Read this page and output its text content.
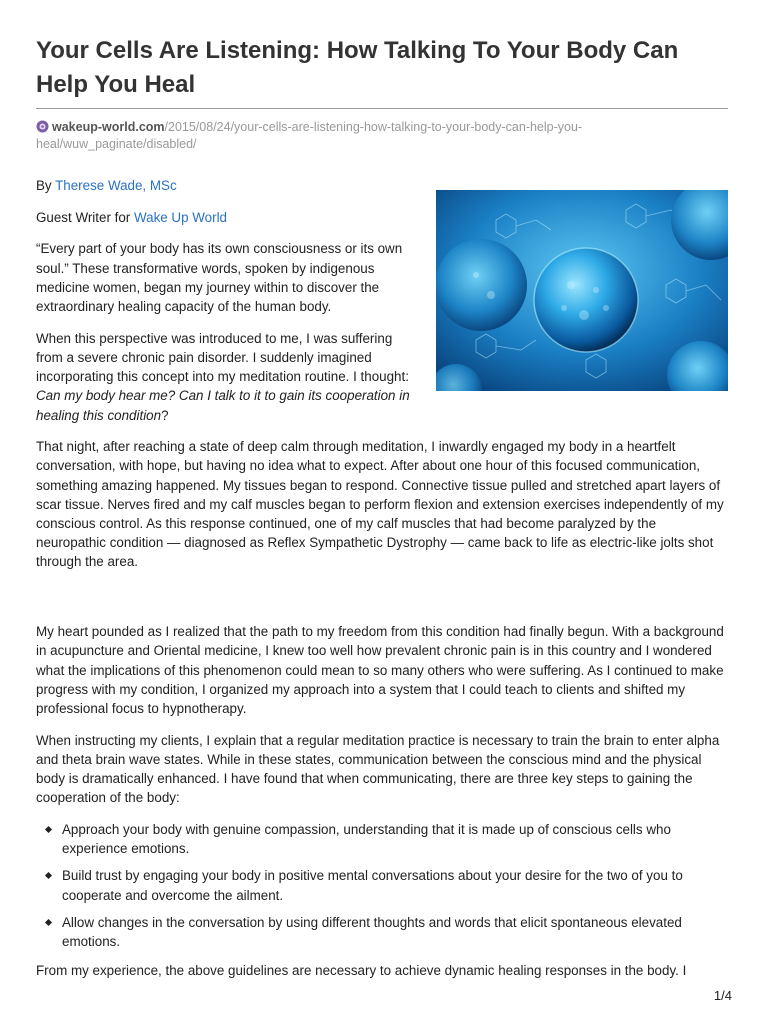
Your Cells Are Listening: How Talking To Your Body Can Help You Heal
wakeup-world.com/2015/08/24/your-cells-are-listening-how-talking-to-your-body-can-help-you-heal/wuw_paginate/disabled/

By Therese Wade, MSc

Guest Writer for Wake Up World

“Every part of your body has its own consciousness or its own soul.” These transformative words, spoken by indigenous medicine women, began my journey within to discover the extraordinary healing capacity of the human body.

When this perspective was introduced to me, I was suffering from a severe chronic pain disorder. I suddenly imagined incorporating this concept into my meditation routine. I thought: Can my body hear me? Can I talk to it to gain its cooperation in healing this condition?

That night, after reaching a state of deep calm through meditation, I inwardly engaged my body in a heartfelt conversation, with hope, but having no idea what to expect. After about one hour of this focused communication, something amazing happened. My tissues began to respond. Connective tissue pulled and stretched apart layers of scar tissue. Nerves fired and my calf muscles began to perform flexion and extension exercises independently of my conscious control. As this response continued, one of my calf muscles that had become paralyzed by the neuropathic condition — diagnosed as Reflex Sympathetic Dystrophy — came back to life as electric-like jolts shot through the area.

My heart pounded as I realized that the path to my freedom from this condition had finally begun. With a background in acupuncture and Oriental medicine, I knew too well how prevalent chronic pain is in this country and I wondered what the implications of this phenomenon could mean to so many others who were suffering. As I continued to make progress with my condition, I organized my approach into a system that I could teach to clients and shifted my professional focus to hypnotherapy.

When instructing my clients, I explain that a regular meditation practice is necessary to train the brain to enter alpha and theta brain wave states. While in these states, communication between the conscious mind and the physical body is dramatically enhanced. I have found that when communicating, there are three key steps to gaining the cooperation of the body:

Approach your body with genuine compassion, understanding that it is made up of conscious cells who experience emotions.
Build trust by engaging your body in positive mental conversations about your desire for the two of you to cooperate and overcome the ailment.
Allow changes in the conversation by using different thoughts and words that elicit spontaneous elevated emotions.

From my experience, the above guidelines are necessary to achieve dynamic healing responses in the body. I

1/4
